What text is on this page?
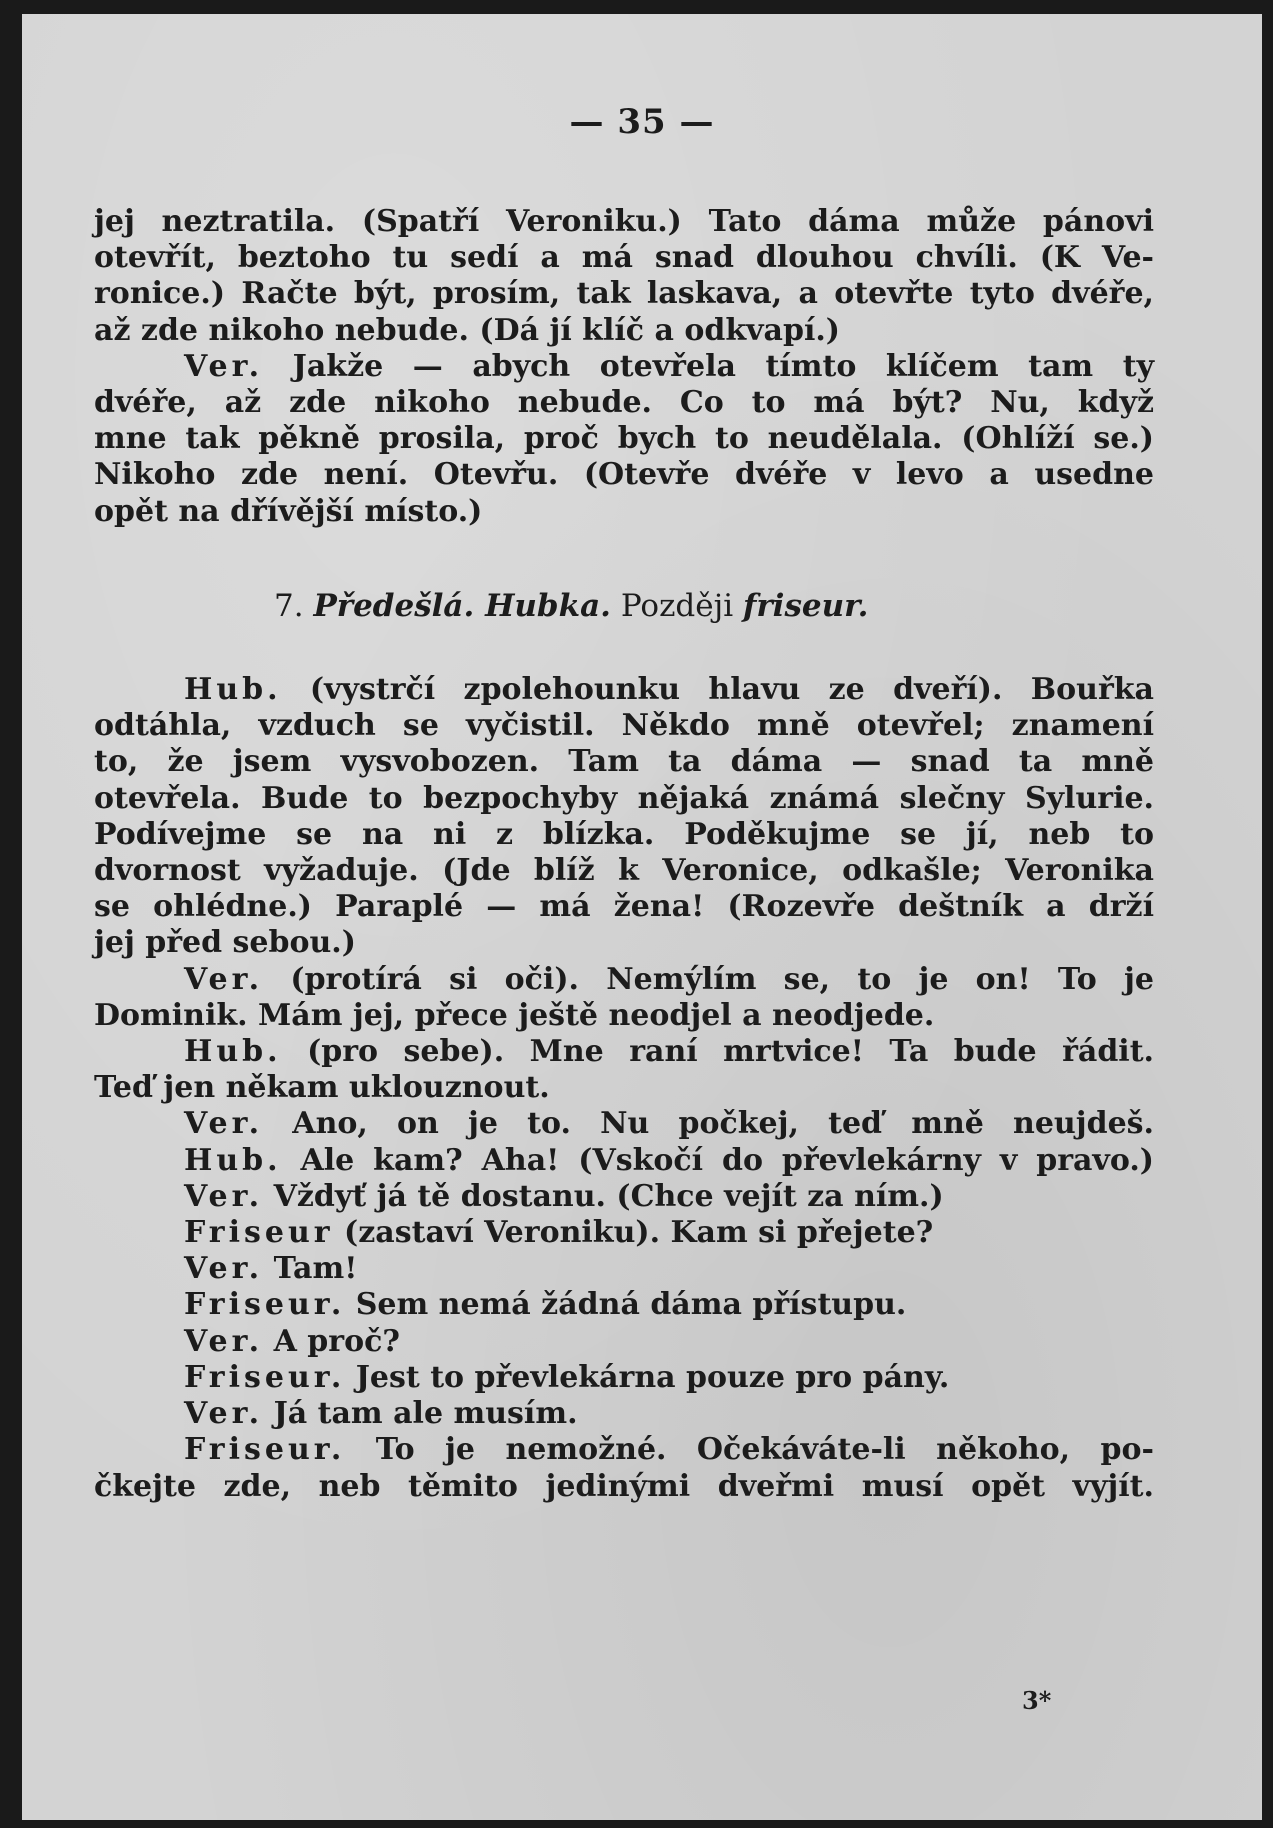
— 35 —
jej neztratila. (Spatří Veroniku.) Tato dáma může pánovi
otevřít, beztoho tu sedí a má snad dlouhou chvíli. (K Ve-
ronice.) Račte být, prosím, tak laskava, a otevřte tyto dvéře,
až zde nikoho nebude. (Dá jí klíč a odkvapí.)
Ver. Jakže — abych otevřela tímto klíčem tam ty
dvéře, až zde nikoho nebude. Co to má být? Nu, když
mne tak pěkně prosila, proč bych to neudělala. (Ohlíží se.)
Nikoho zde není. Otevřu. (Otevře dvéře v levo a usedne
opět na dřívější místo.)
7. Předešlá. Hubka. Později friseur.
Hub. (vystrčí zpolehounku hlavu ze dveří). Bouřka
odtáhla, vzduch se vyčistil. Někdo mně otevřel; znamení
to, že jsem vysvobozen. Tam ta dáma — snad ta mně
otevřela. Bude to bezpochyby nějaká známá slečny Sylurie.
Podívejme se na ni z blízka. Poděkujme se jí, neb to
dvornost vyžaduje. (Jde blíž k Veronice, odkašle; Veronika
se ohlédne.) Paraplé — má žena! (Rozevře deštník a drží
jej před sebou.)
Ver. (protírá si oči). Nemýlím se, to je on! To je
Dominik. Mám jej, přece ještě neodjel a neodjede.
Hub. (pro sebe). Mne raní mrtvice! Ta bude řádit.
Teď jen někam uklouznout.
Ver. Ano, on je to. Nu počkej, teď mně neujdeš.
Hub. Ale kam? Aha! (Vskočí do převlekárny v pravo.)
Ver. Vždyť já tě dostanu. (Chce vejít za ním.)
Friseur (zastaví Veroniku). Kam si přejete?
Ver. Tam!
Friseur. Sem nemá žádná dáma přístupu.
Ver. A proč?
Friseur. Jest to převlekárna pouze pro pány.
Ver. Já tam ale musím.
Friseur. To je nemožné. Očekáváte-li někoho, po-
čkejte zde, neb těmito jedinými dveřmi musí opět vyjít.
3*
